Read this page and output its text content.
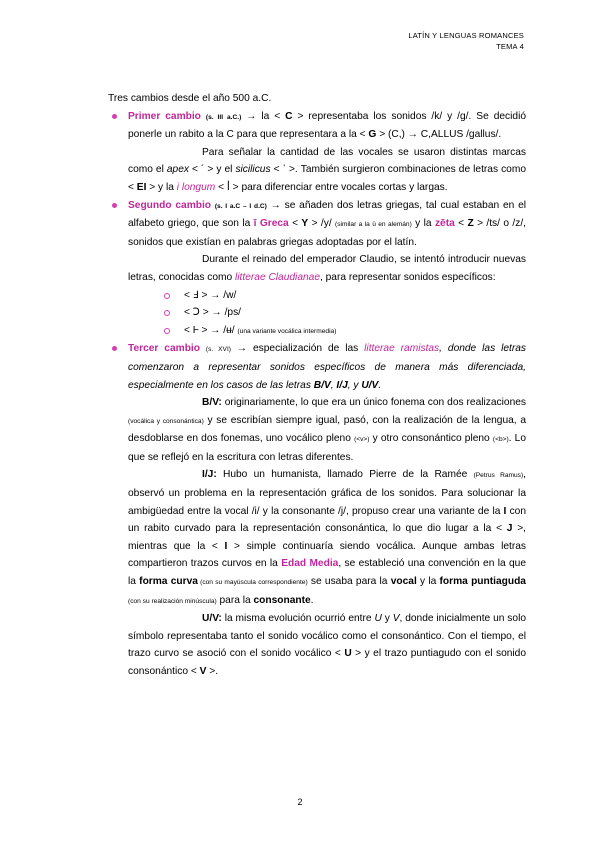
LATÍN Y LENGUAS ROMANCES
TEMA 4

Tres cambios desde el año 500 a.C.

Primer cambio (s. III a.C.) → la < C > representaba los sonidos /k/ y /g/. Se decidió ponerle un rabito a la C para que representara a la < G > (C,) → C,ALLUS /gallus/.

Para señalar la cantidad de las vocales se usaron distintas marcas como el apex < ´ > y el sicilicus < ᾿ >. También surgieron combinaciones de letras como < EI > y la i longum < ꟾ > para diferenciar entre vocales cortas y largas.

Segundo cambio (s. I a.C – I d.C) → se añaden dos letras griegas, tal cual estaban en el alfabeto griego, que son la ī Greca < Y > /y/ (similar a la ü en alemán) y la zēta < Z > /ts/ o /z/, sonidos que existían en palabras griegas adoptadas por el latín.

Durante el reinado del emperador Claudio, se intentó introducir nuevas letras, conocidas como litterae Claudianae, para representar sonidos específicos:

< Ⅎ > → /w/
< Ↄ > → /ps/
< Ⱶ > → /ʉ/ (una variante vocálica intermedia)
Tercer cambio (s. XVI) → especialización de las litterae ramistas, donde las letras comenzaron a representar sonidos específicos de manera más diferenciada, especialmente en los casos de las letras B/V, I/J, y U/V.

B/V: originariamente, lo que era un único fonema con dos realizaciones (vocálica y consonántica) y se escribían siempre igual, pasó, con la realización de la lengua, a desdoblarse en dos fonemas, uno vocálico pleno (<v>) y otro consonántico pleno (<b>). Lo que se reflejó en la escritura con letras diferentes.

I/J: Hubo un humanista, llamado Pierre de la Ramée (Petrus Ramus), observó un problema en la representación gráfica de los sonidos. Para solucionar la ambigüedad entre la vocal /i/ y la consonante /j/, propuso crear una variante de la I con un rabito curvado para la representación consonántica, lo que dio lugar a la < J >, mientras que la < I > simple continuaría siendo vocálica. Aunque ambas letras compartieron trazos curvos en la Edad Media, se estableció una convención en la que la forma curva (con su mayúscula correspondiente) se usaba para la vocal y la forma puntiaguda (con su realización minúscula) para la consonante.

U/V: la misma evolución ocurrió entre U y V, donde inicialmente un solo símbolo representaba tanto el sonido vocálico como el consonántico. Con el tiempo, el trazo curvo se asoció con el sonido vocálico < U > y el trazo puntiagudo con el sonido consonántico < V >.

2
